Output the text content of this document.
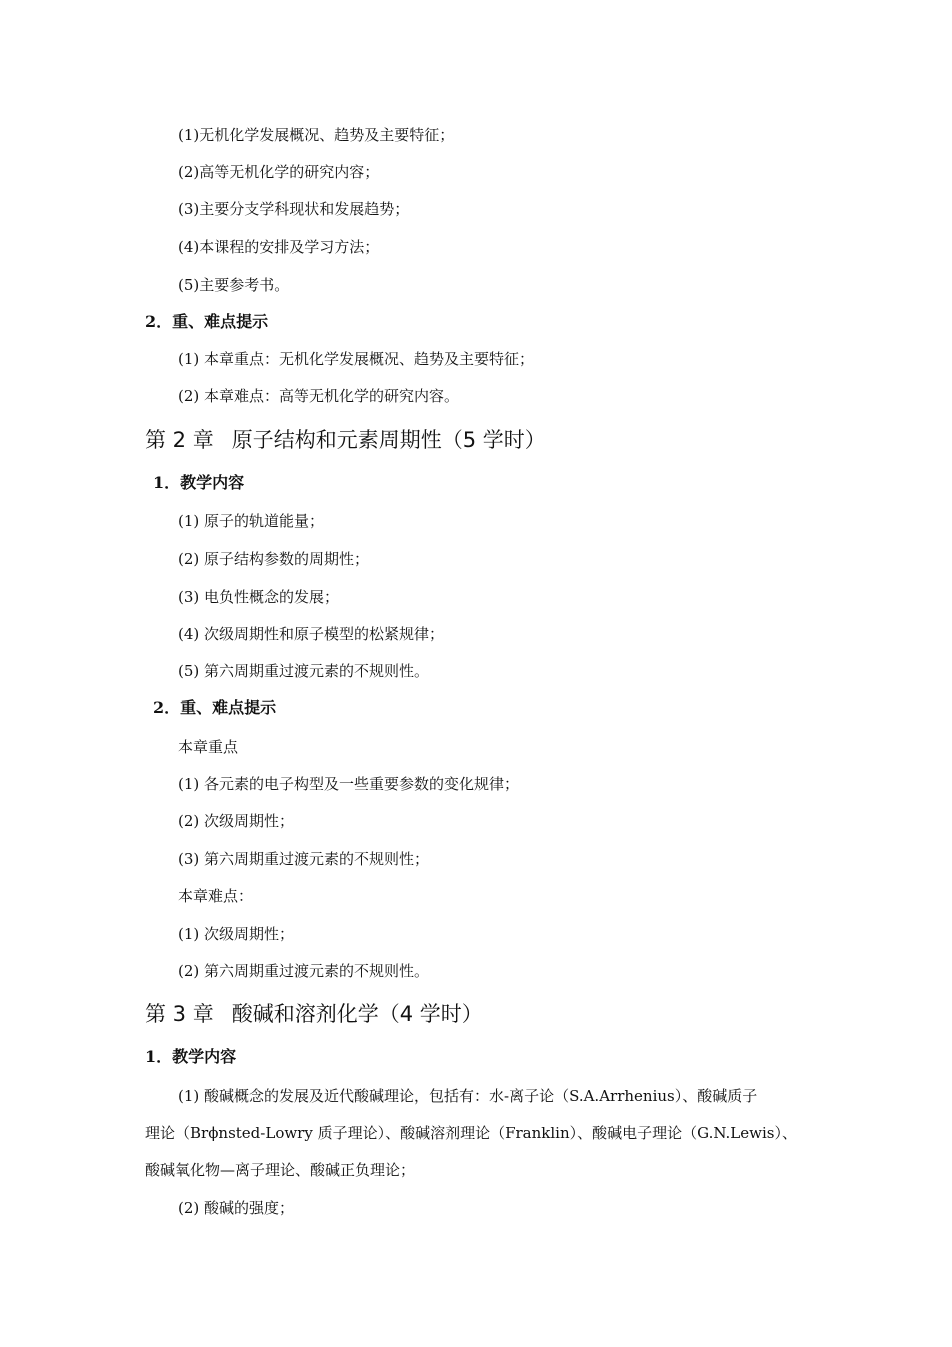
(1)无机化学发展概况、趋势及主要特征；
(2)高等无机化学的研究内容；
(3)主要分支学科现状和发展趋势；
(4)本课程的安排及学习方法；
(5)主要参考书。
2．重、难点提示
(1) 本章重点：无机化学发展概况、趋势及主要特征；
(2) 本章难点：高等无机化学的研究内容。
第 2 章 原子结构和元素周期性（5 学时）
1．教学内容
(1) 原子的轨道能量；
(2) 原子结构参数的周期性；
(3) 电负性概念的发展；
(4) 次级周期性和原子模型的松紧规律；
(5) 第六周期重过渡元素的不规则性。
2．重、难点提示
本章重点
(1) 各元素的电子构型及一些重要参数的变化规律；
(2) 次级周期性；
(3) 第六周期重过渡元素的不规则性；
本章难点：
(1) 次级周期性；
(2) 第六周期重过渡元素的不规则性。
第 3 章 酸碱和溶剂化学（4 学时）
1．教学内容
(1) 酸碱概念的发展及近代酸碱理论，包括有：水-离子论（S.A.Arrhenius）、酸碱质子
理论（Brϕnsted-Lowry 质子理论）、酸碱溶剂理论（Franklin）、酸碱电子理论（G.N.Lewis）、
酸碱氧化物—离子理论、酸碱正负理论；
(2) 酸碱的强度；
